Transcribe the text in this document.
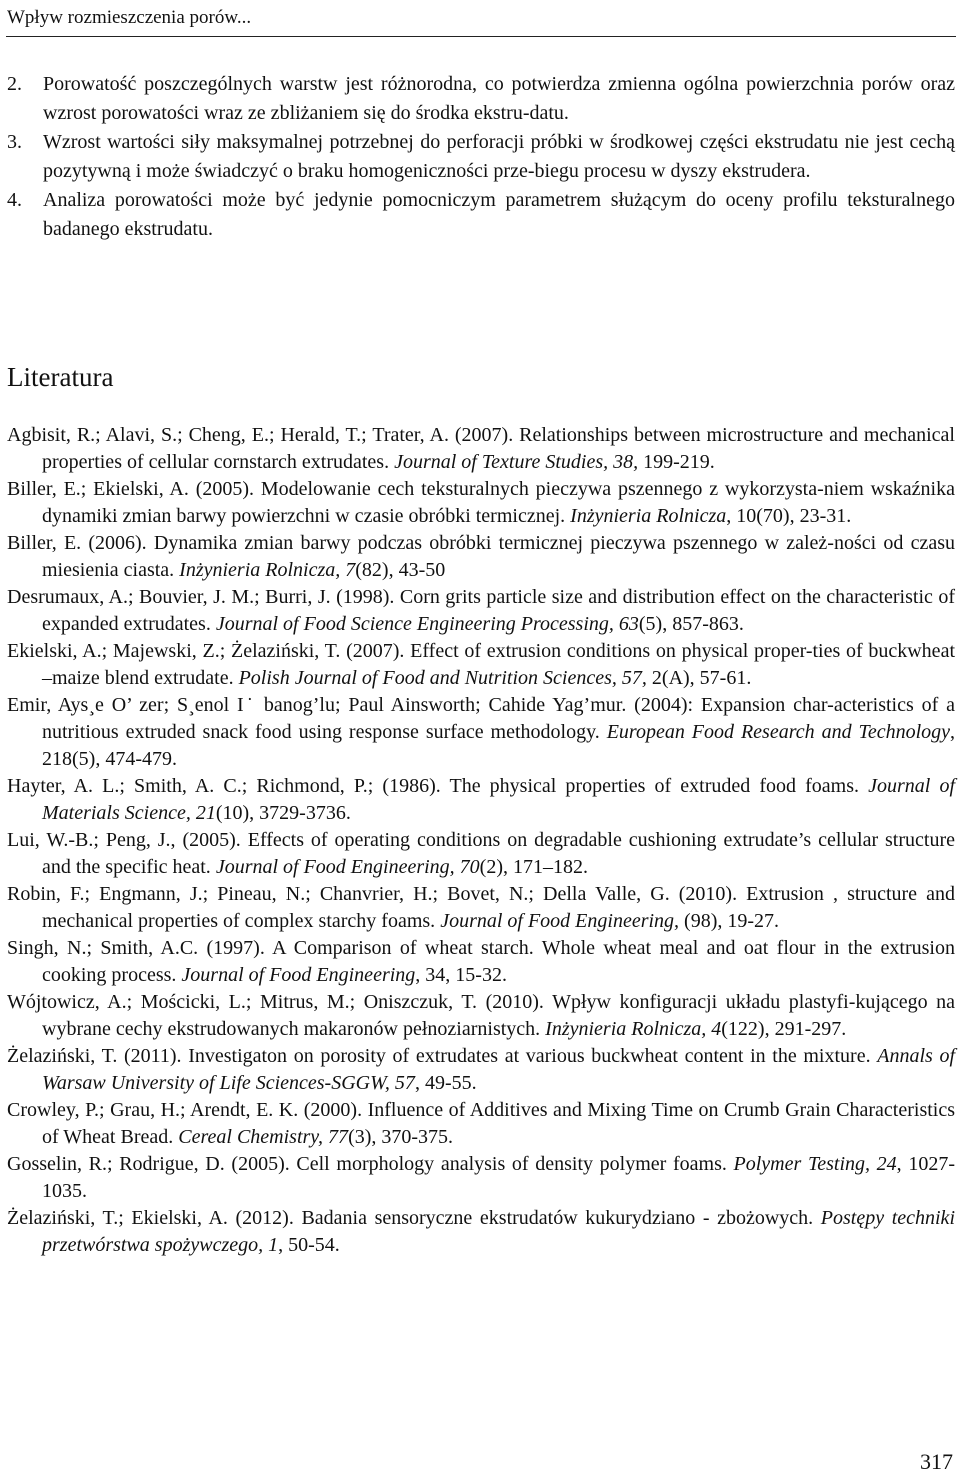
Wpływ rozmieszczenia porów...
2.	Porowatość poszczególnych warstw jest różnorodna, co potwierdza zmienna ogólna powierzchnia porów oraz wzrost porowatości wraz ze zbliżaniem się do środka ekstru-datu.
3.	Wzrost wartości siły maksymalnej potrzebnej do perforacji próbki w środkowej części ekstrudatu nie jest cechą pozytywną i może świadczyć o braku homogeniczności prze-biegu procesu w dyszy ekstrudera.
4.	Analiza porowatości może być jedynie pomocniczym parametrem służącym do oceny profilu teksturalnego badanego ekstrudatu.
Literatura
Agbisit, R.; Alavi, S.; Cheng, E.; Herald, T.; Trater, A. (2007). Relationships between microstructure and mechanical properties of cellular cornstarch extrudates. Journal of Texture Studies, 38, 199-219.
Biller, E.; Ekielski, A. (2005). Modelowanie cech teksturalnych pieczywa pszennego z wykorzysta-niem wskaźnika dynamiki zmian barwy powierzchni w czasie obróbki termicznej. Inżynieria Rolnicza, 10(70), 23-31.
Biller, E. (2006). Dynamika zmian barwy podczas obróbki termicznej pieczywa pszennego w zależ-ności od czasu miesienia ciasta. Inżynieria Rolnicza, 7(82), 43-50
Desrumaux, A.; Bouvier, J. M.; Burri, J. (1998). Corn grits particle size and distribution effect on the characteristic of expanded extrudates. Journal of Food Science Engineering Processing, 63(5), 857-863.
Ekielski, A.; Majewski, Z.; Żelaziński, T. (2007). Effect of extrusion conditions on physical proper-ties of buckwheat –maize blend extrudate. Polish Journal of Food and Nutrition Sciences, 57, 2(A), 57-61.
Emir, Ays¸e O’ zer; S¸enol I˙ banog’lu; Paul Ainsworth; Cahide Yag’mur. (2004): Expansion char-acteristics of a nutritious extruded snack food using response surface methodology. European Food Research and Technology, 218(5), 474-479.
Hayter, A. L.; Smith, A. C.; Richmond, P.; (1986). The physical properties of extruded food foams. Journal of Materials Science, 21(10), 3729-3736.
Lui, W.-B.; Peng, J., (2005). Effects of operating conditions on degradable cushioning extrudate’s cellular structure and the specific heat. Journal of Food Engineering, 70(2), 171–182.
Robin, F.; Engmann, J.; Pineau, N.; Chanvrier, H.; Bovet, N.; Della Valle, G. (2010). Extrusion , structure and mechanical properties of complex starchy foams. Journal of Food Engineering, (98), 19-27.
Singh, N.; Smith, A.C. (1997). A Comparison of wheat starch. Whole wheat meal and oat flour in the extrusion cooking process. Journal of Food Engineering, 34, 15-32.
Wójtowicz, A.; Mościcki, L.; Mitrus, M.; Oniszczuk, T. (2010). Wpływ konfiguracji układu plastyfi-kującego na wybrane cechy ekstrudowanych makaronów pełnoziarnistych. Inżynieria Rolnicza, 4(122), 291-297.
Żelaziński, T. (2011). Investigaton on porosity of extrudates at various buckwheat content in the mixture. Annals of Warsaw University of Life Sciences-SGGW, 57, 49-55.
Crowley, P.; Grau, H.; Arendt, E. K. (2000). Influence of Additives and Mixing Time on Crumb Grain Characteristics of Wheat Bread. Cereal Chemistry, 77(3), 370-375.
Gosselin, R.; Rodrigue, D. (2005). Cell morphology analysis of density polymer foams. Polymer Testing, 24, 1027-1035.
Żelaziński, T.; Ekielski, A. (2012). Badania sensoryczne ekstrudatów kukurydziano - zbożowych. Postępy techniki przetwórstwa spożywczego, 1, 50-54.
317
